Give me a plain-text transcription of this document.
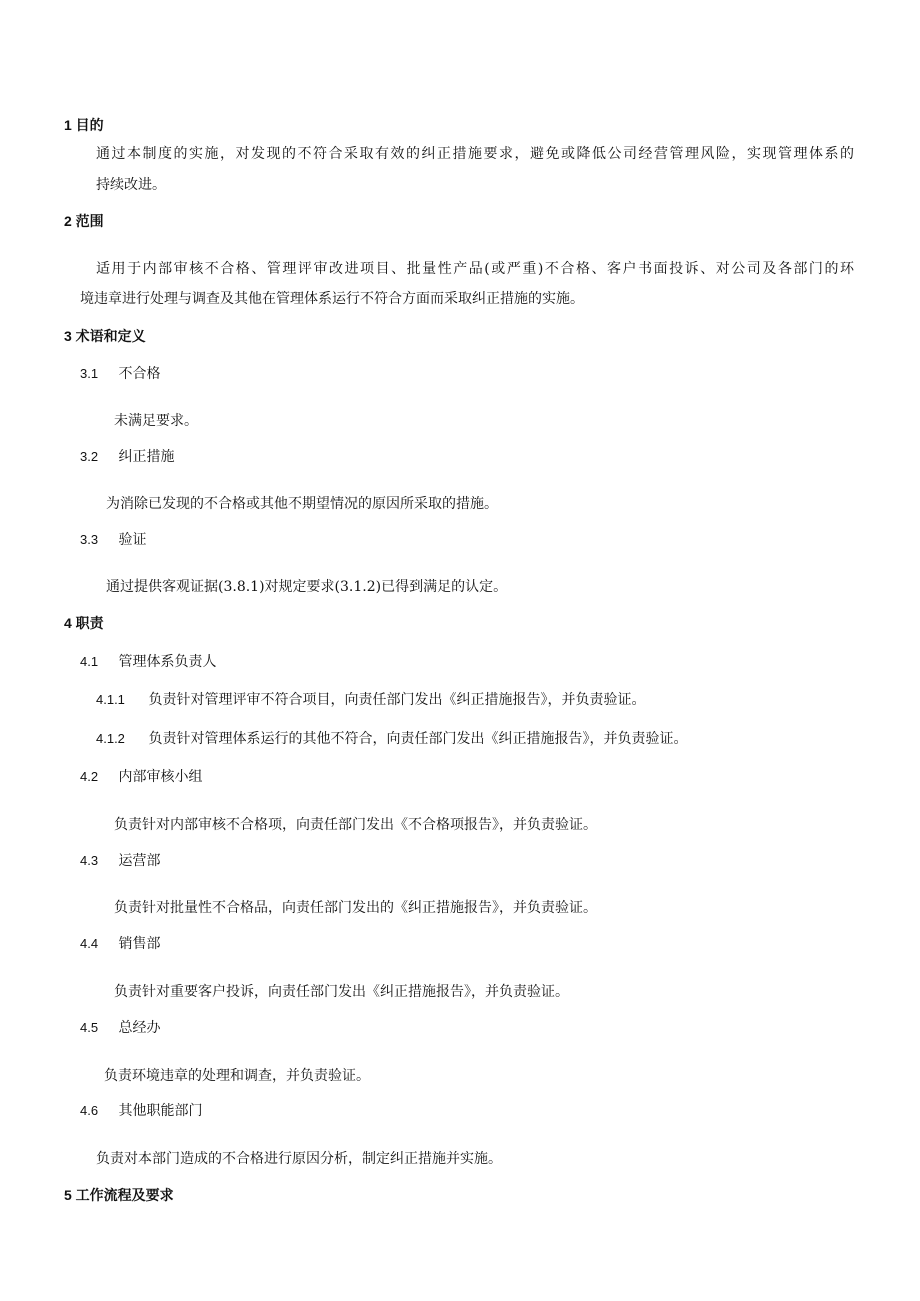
1 目的
通过本制度的实施，对发现的不符合采取有效的纠正措施要求，避免或降低公司经营管理风险，实现管理体系的
持续改进。
2 范围
适用于内部审核不合格、管理评审改进项目、批量性产品(或严重)不合格、客户书面投诉、对公司及各部门的环
境违章进行处理与调查及其他在管理体系运行不符合方面而采取纠正措施的实施。
3 术语和定义
3.1 不合格
未满足要求。
3.2 纠正措施
为消除已发现的不合格或其他不期望情况的原因所采取的措施。
3.3 验证
通过提供客观证据(3.8.1)对规定要求(3.1.2)已得到满足的认定。
4 职责
4.1 管理体系负责人
4.1.1 负责针对管理评审不符合项目，向责任部门发出《纠正措施报告》，并负责验证。
4.1.2 负责针对管理体系运行的其他不符合，向责任部门发出《纠正措施报告》，并负责验证。
4.2 内部审核小组
负责针对内部审核不合格项，向责任部门发出《不合格项报告》，并负责验证。
4.3 运营部
负责针对批量性不合格品，向责任部门发出的《纠正措施报告》，并负责验证。
4.4 销售部
负责针对重要客户投诉，向责任部门发出《纠正措施报告》，并负责验证。
4.5 总经办
负责环境违章的处理和调查，并负责验证。
4.6 其他职能部门
负责对本部门造成的不合格进行原因分析，制定纠正措施并实施。
5 工作流程及要求
